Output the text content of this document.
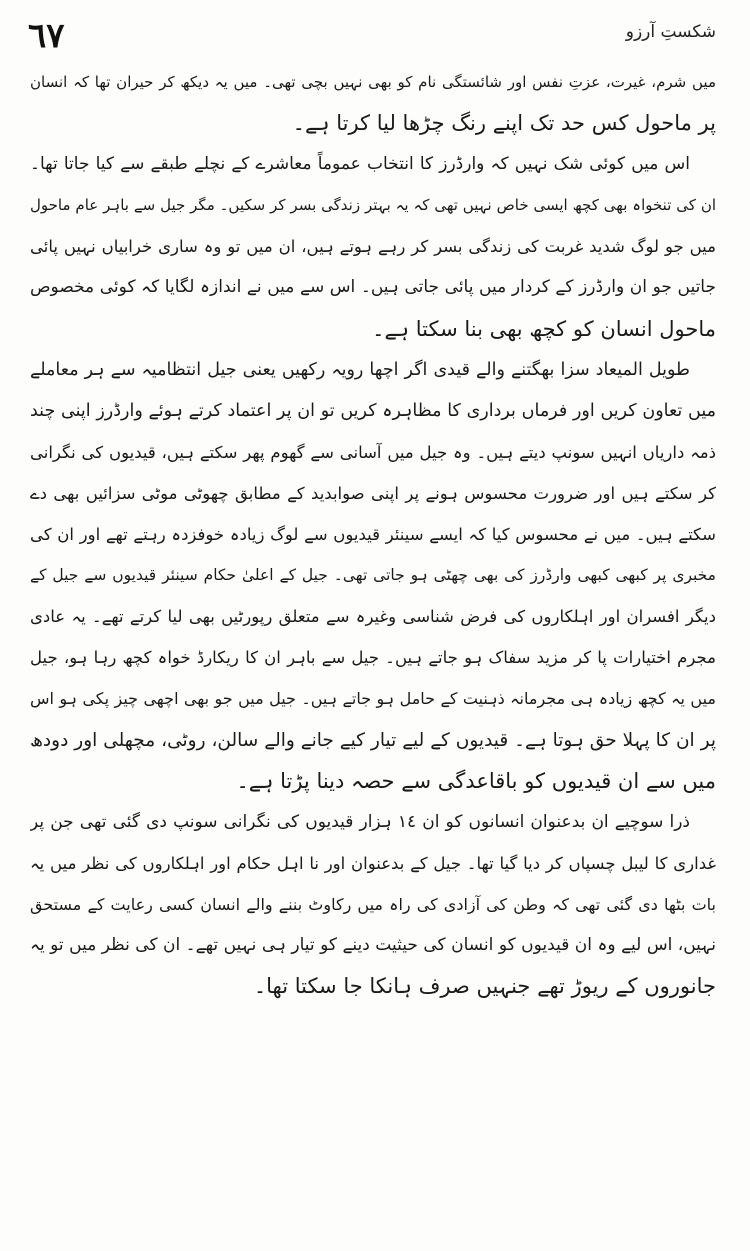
٦٧	شکستِ آرزو
میں شرم، غیرت، عزتِ نفس اور شائستگی نام کو بھی نہیں بچی تھی۔ میں یہ دیکھ کر حیران تھا کہ انسان
پر ماحول کس حد تک اپنے رنگ چڑھا لیا کرتا ہے۔
اس میں کوئی شک نہیں کہ وارڈرز کا انتخاب عموماً معاشرے کے نچلے طبقے سے کیا جاتا تھا۔
ان کی تنخواہ بھی کچھ ایسی خاص نہیں تھی کہ یہ بہتر زندگی بسر کر سکیں۔ مگر جیل سے باہر عام ماحول
میں جو لوگ شدید غربت کی زندگی بسر کر رہے ہوتے ہیں، ان میں تو وہ ساری خرابیاں نہیں پائی
جاتیں جو ان وارڈرز کے کردار میں پائی جاتی ہیں۔ اس سے میں نے اندازہ لگایا کہ کوئی مخصوص
ماحول انسان کو کچھ بھی بنا سکتا ہے۔
طویل المیعاد سزا بھگتنے والے قیدی اگر اچھا رویہ رکھیں یعنی جیل انتظامیہ سے ہر معاملے
میں تعاون کریں اور فرماں برداری کا مظاہرہ کریں تو ان پر اعتماد کرتے ہوئے وارڈرز اپنی چند
ذمہ داریاں انہیں سونپ دیتے ہیں۔ وہ جیل میں آسانی سے گھوم پھر سکتے ہیں، قیدیوں کی نگرانی
کر سکتے ہیں اور ضرورت محسوس ہونے پر اپنی صوابدید کے مطابق چھوٹی موٹی سزائیں بھی دے
سکتے ہیں۔ میں نے محسوس کیا کہ ایسے سینئر قیدیوں سے لوگ زیادہ خوفزدہ رہتے تھے اور ان کی
مخبری پر کبھی کبھی وارڈرز کی بھی چھٹی ہو جاتی تھی۔ جیل کے اعلیٰ حکام سینئر قیدیوں سے جیل کے
دیگر افسران اور اہلکاروں کی فرض شناسی وغیرہ سے متعلق رپورٹیں بھی لیا کرتے تھے۔ یہ عادی
مجرم اختیارات پا کر مزید سفاک ہو جاتے ہیں۔ جیل سے باہر ان کا ریکارڈ خواہ کچھ رہا ہو، جیل
میں یہ کچھ زیادہ ہی مجرمانہ ذہنیت کے حامل ہو جاتے ہیں۔ جیل میں جو بھی اچھی چیز پکی ہو اس
پر ان کا پہلا حق ہوتا ہے۔ قیدیوں کے لیے تیار کیے جانے والے سالن، روٹی، مچھلی اور دودھ
میں سے ان قیدیوں کو باقاعدگی سے حصہ دینا پڑتا ہے۔
ذرا سوچیے ان بدعنوان انسانوں کو ان ١٤ ہزار قیدیوں کی نگرانی سونپ دی گئی تھی جن پر
غداری کا لیبل چسپاں کر دیا گیا تھا۔ جیل کے بدعنوان اور نا اہل حکام اور اہلکاروں کی نظر میں یہ
بات بٹھا دی گئی تھی کہ وطن کی آزادی کی راہ میں رکاوٹ بننے والے انسان کسی رعایت کے مستحق
نہیں، اس لیے وہ ان قیدیوں کو انسان کی حیثیت دینے کو تیار ہی نہیں تھے۔ ان کی نظر میں تو یہ
جانوروں کے ریوڑ تھے جنہیں صرف ہانکا جا سکتا تھا۔
